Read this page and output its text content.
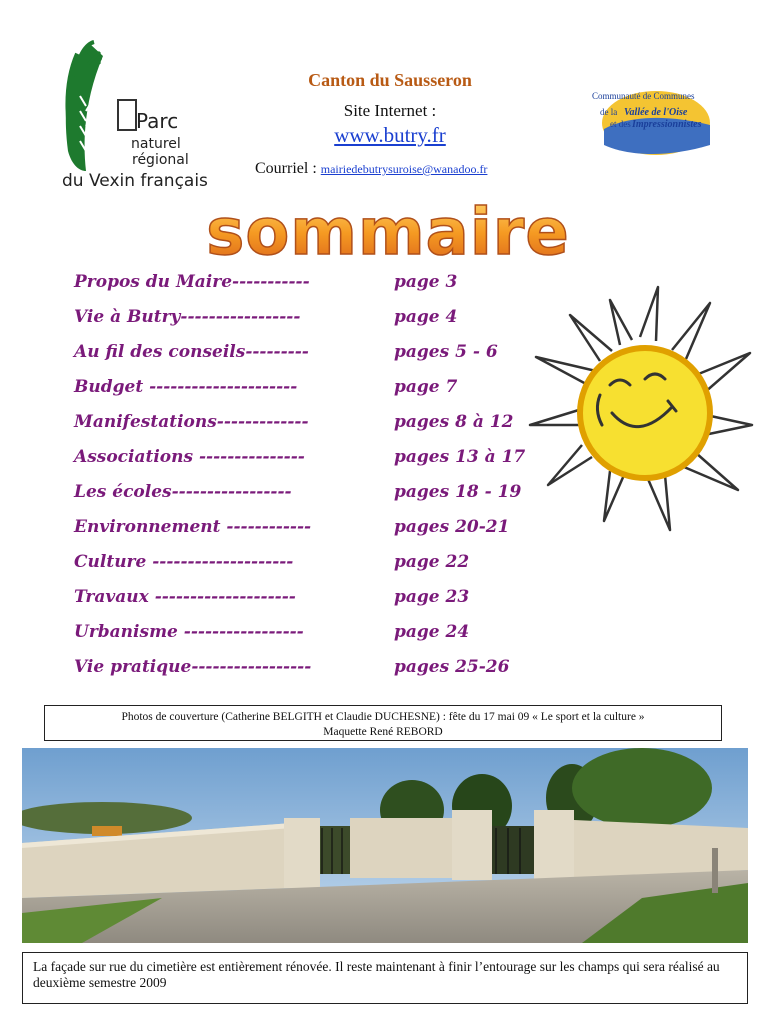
Parc
naturel
régional
du Vexin français
Canton du Sausseron
Site Internet :
www.butry.fr
Courriel : mairiedebutrysuroise@wanadoo.fr
Communauté de Communes
de la Vallée de l'Oise
et des Impressionnistes
sommaire
Propos du Maire-----------	page 3
Vie à Butry-----------------	page 4
Au fil des conseils---------	pages 5 - 6
Budget ---------------------	page 7
Manifestations-------------	pages 8 à 12
Associations ---------------	pages 13 à 17
Les écoles-----------------	pages 18 - 19
Environnement ------------	pages 20-21
Culture --------------------	page 22
Travaux --------------------	page 23
Urbanisme -----------------	page 24
Vie pratique-----------------	pages 25-26
Photos de couverture (Catherine BELGITH et Claudie DUCHESNE) : fête du 17 mai 09 « Le sport et la culture »
Maquette René REBORD
La façade sur rue du cimetière est entièrement rénovée. Il reste maintenant à finir l’entourage sur les champs qui sera réalisé au deuxième semestre 2009
